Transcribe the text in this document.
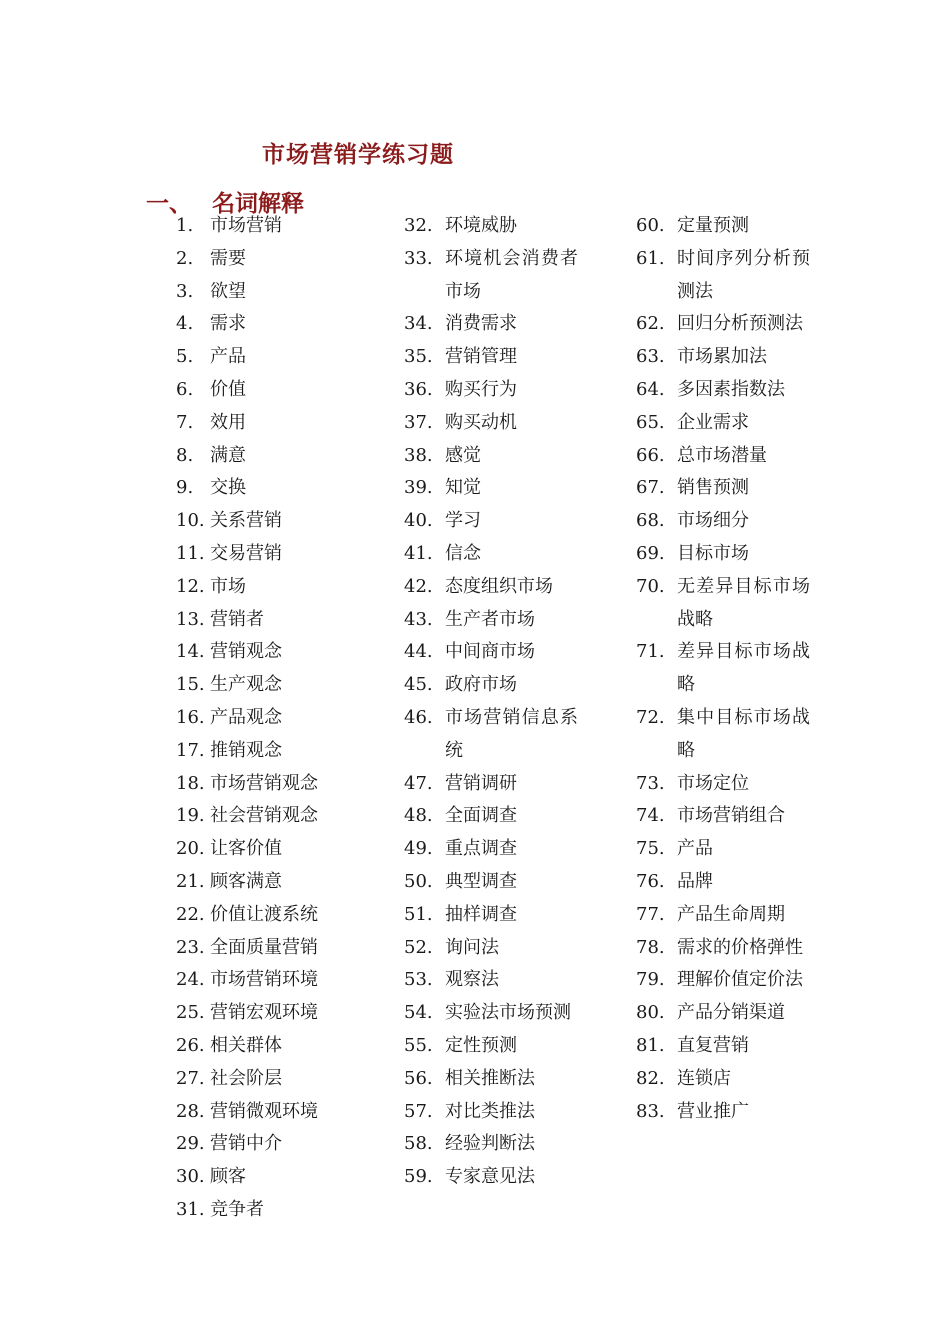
市场营销学练习题
一、 名词解释
1. 市场营销
2. 需要
3. 欲望
4. 需求
5. 产品
6. 价值
7. 效用
8. 满意
9. 交换
10. 关系营销
11. 交易营销
12. 市场
13. 营销者
14. 营销观念
15. 生产观念
16. 产品观念
17. 推销观念
18. 市场营销观念
19. 社会营销观念
20. 让客价值
21. 顾客满意
22. 价值让渡系统
23. 全面质量营销
24. 市场营销环境
25. 营销宏观环境
26. 相关群体
27. 社会阶层
28. 营销微观环境
29. 营销中介
30. 顾客
31. 竞争者
32. 环境威胁
33. 环境机会消费者市场
34. 消费需求
35. 营销管理
36. 购买行为
37. 购买动机
38. 感觉
39. 知觉
40. 学习
41. 信念
42. 态度组织市场
43. 生产者市场
44. 中间商市场
45. 政府市场
46. 市场营销信息系统
47. 营销调研
48. 全面调查
49. 重点调查
50. 典型调查
51. 抽样调查
52. 询问法
53. 观察法
54. 实验法市场预测
55. 定性预测
56. 相关推断法
57. 对比类推法
58. 经验判断法
59. 专家意见法
60. 定量预测
61. 时间序列分析预测法
62. 回归分析预测法
63. 市场累加法
64. 多因素指数法
65. 企业需求
66. 总市场潜量
67. 销售预测
68. 市场细分
69. 目标市场
70. 无差异目标市场战略
71. 差异目标市场战略
72. 集中目标市场战略
73. 市场定位
74. 市场营销组合
75. 产品
76. 品牌
77. 产品生命周期
78. 需求的价格弹性
79. 理解价值定价法
80. 产品分销渠道
81. 直复营销
82. 连锁店
83. 营业推广
